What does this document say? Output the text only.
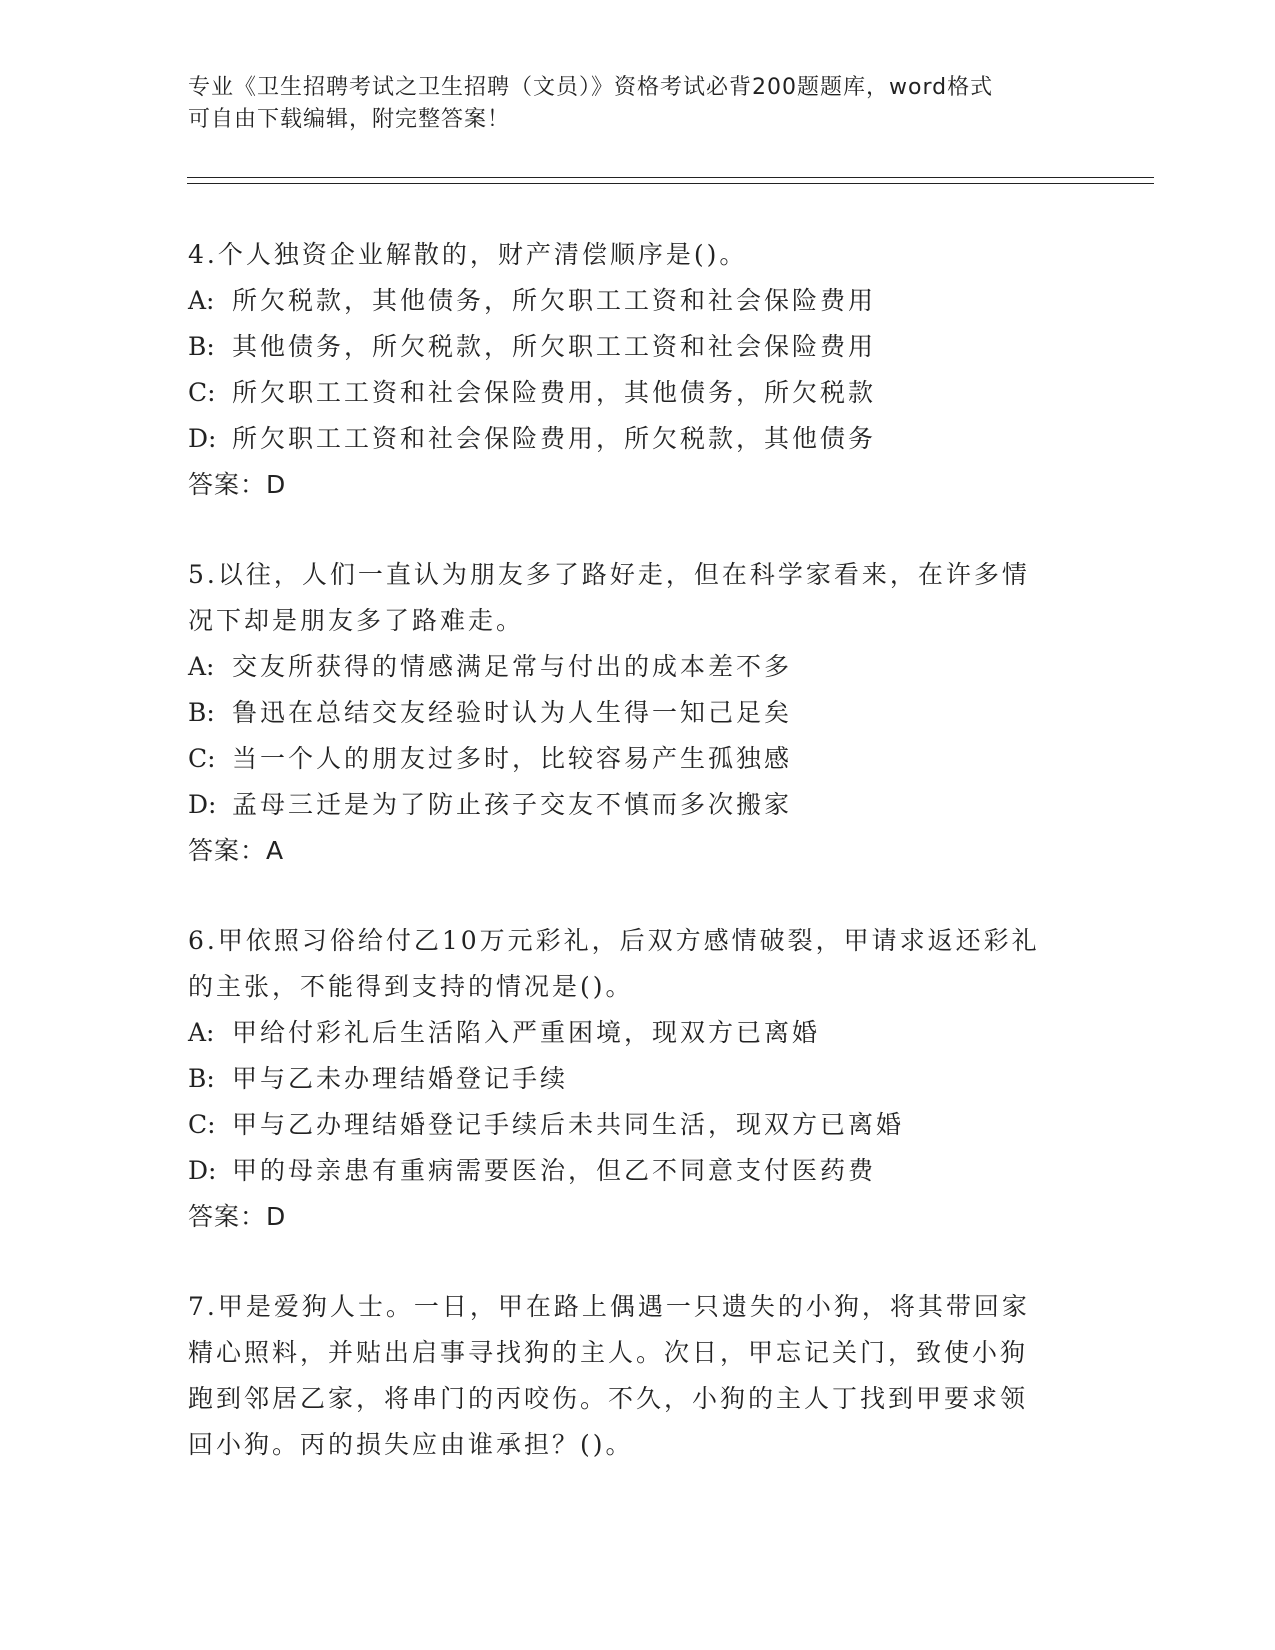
专业《卫生招聘考试之卫生招聘（文员）》资格考试必背200题题库，word格式
可自由下载编辑，附完整答案！
4.个人独资企业解散的，财产清偿顺序是()。
A: 所欠税款，其他债务，所欠职工工资和社会保险费用
B: 其他债务，所欠税款，所欠职工工资和社会保险费用
C: 所欠职工工资和社会保险费用，其他债务，所欠税款
D: 所欠职工工资和社会保险费用，所欠税款，其他债务
答案：D
5.以往，人们一直认为朋友多了路好走，但在科学家看来，在许多情
况下却是朋友多了路难走。
A: 交友所获得的情感满足常与付出的成本差不多
B: 鲁迅在总结交友经验时认为人生得一知己足矣
C: 当一个人的朋友过多时，比较容易产生孤独感
D: 孟母三迁是为了防止孩子交友不慎而多次搬家
答案：A
6.甲依照习俗给付乙10万元彩礼，后双方感情破裂，甲请求返还彩礼
的主张，不能得到支持的情况是()。
A: 甲给付彩礼后生活陷入严重困境，现双方已离婚
B: 甲与乙未办理结婚登记手续
C: 甲与乙办理结婚登记手续后未共同生活，现双方已离婚
D: 甲的母亲患有重病需要医治，但乙不同意支付医药费
答案：D
7.甲是爱狗人士。一日，甲在路上偶遇一只遗失的小狗，将其带回家
精心照料，并贴出启事寻找狗的主人。次日，甲忘记关门，致使小狗
跑到邻居乙家，将串门的丙咬伤。不久，小狗的主人丁找到甲要求领
回小狗。丙的损失应由谁承担？()。
